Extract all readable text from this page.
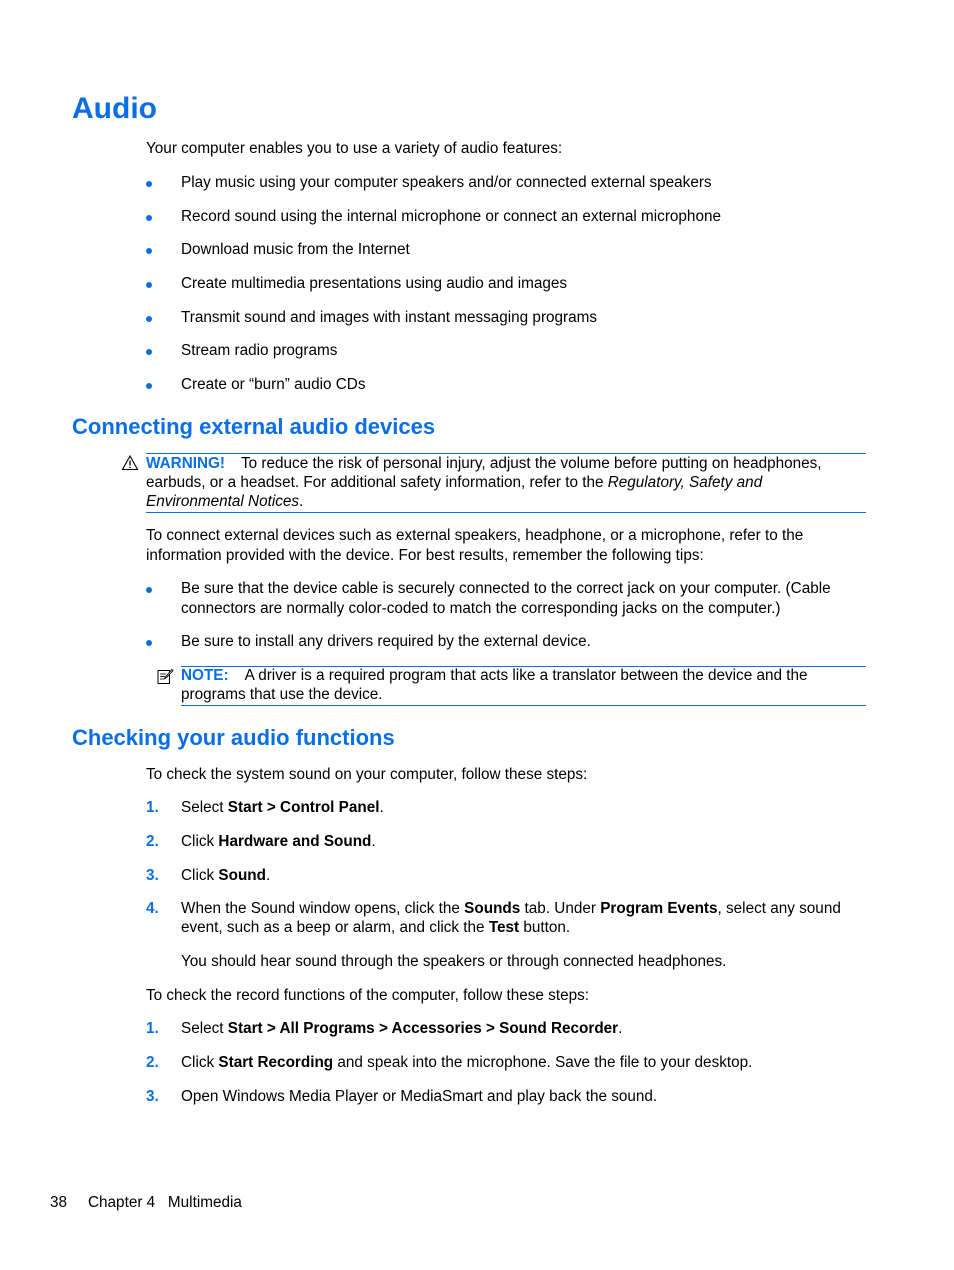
Audio
Your computer enables you to use a variety of audio features:
Play music using your computer speakers and/or connected external speakers
Record sound using the internal microphone or connect an external microphone
Download music from the Internet
Create multimedia presentations using audio and images
Transmit sound and images with instant messaging programs
Stream radio programs
Create or “burn” audio CDs
Connecting external audio devices
WARNING! To reduce the risk of personal injury, adjust the volume before putting on headphones,
earbuds, or a headset. For additional safety information, refer to the Regulatory, Safety and
Environmental Notices.
To connect external devices such as external speakers, headphone, or a microphone, refer to the
information provided with the device. For best results, remember the following tips:
Be sure that the device cable is securely connected to the correct jack on your computer. (Cable
connectors are normally color-coded to match the corresponding jacks on the computer.)
Be sure to install any drivers required by the external device.
NOTE: A driver is a required program that acts like a translator between the device and the
programs that use the device.
Checking your audio functions
To check the system sound on your computer, follow these steps:
1. Select Start > Control Panel.
2. Click Hardware and Sound.
3. Click Sound.
4. When the Sound window opens, click the Sounds tab. Under Program Events, select any sound
event, such as a beep or alarm, and click the Test button.
You should hear sound through the speakers or through connected headphones.
To check the record functions of the computer, follow these steps:
1. Select Start > All Programs > Accessories > Sound Recorder.
2. Click Start Recording and speak into the microphone. Save the file to your desktop.
3. Open Windows Media Player or MediaSmart and play back the sound.
38 Chapter 4   Multimedia
